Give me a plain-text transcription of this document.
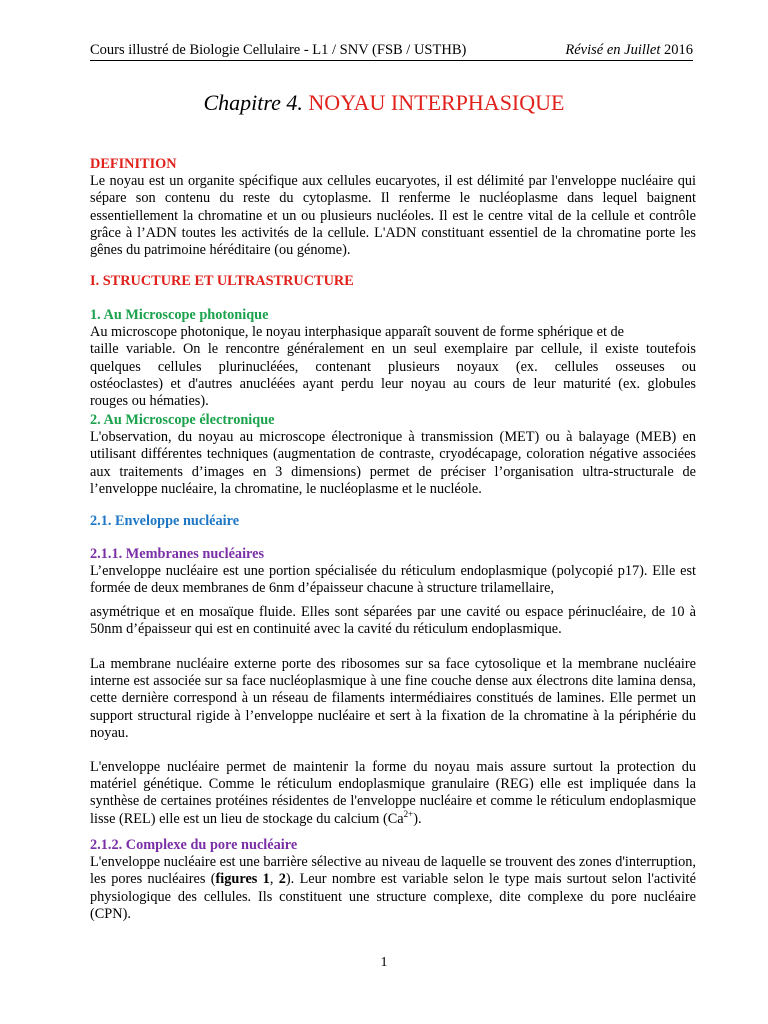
Cours illustré de Biologie Cellulaire - L1 / SNV (FSB / USTHB)	Révisé en Juillet 2016
Chapitre 4. NOYAU INTERPHASIQUE
DEFINITION
Le noyau est un organite spécifique aux cellules eucaryotes, il est délimité par l'enveloppe nucléaire qui sépare son contenu du reste du cytoplasme. Il renferme le nucléoplasme dans lequel baignent essentiellement la chromatine et un ou plusieurs nucléoles. Il est le centre vital de la cellule et contrôle grâce à l’ADN toutes les activités de la cellule. L'ADN constituant essentiel de la chromatine porte les gênes du patrimoine héréditaire (ou génome).
I. STRUCTURE ET ULTRASTRUCTURE
1. Au Microscope photonique
Au microscope photonique, le noyau interphasique apparaît souvent de forme sphérique et de
taille variable. On le rencontre généralement en un seul exemplaire par cellule, il existe toutefois
quelques cellules plurinucléées, contenant plusieurs noyaux (ex. cellules osseuses ou
ostéoclastes) et d'autres anucléées ayant perdu leur noyau au cours de leur maturité (ex. globules
rouges ou hématies).
2. Au Microscope électronique
L'observation, du noyau au microscope électronique à transmission (MET) ou à balayage (MEB) en utilisant différentes techniques (augmentation de contraste, cryodécapage, coloration négative associées aux traitements d’images en 3 dimensions) permet de préciser l’organisation ultra-structurale de l’enveloppe nucléaire, la chromatine, le nucléoplasme et le nucléole.
2.1. Enveloppe nucléaire
2.1.1. Membranes nucléaires
L’enveloppe nucléaire est une portion spécialisée du réticulum endoplasmique (polycopié p17). Elle est formée de deux membranes de 6nm d’épaisseur chacune à structure trilamellaire,
asymétrique et en mosaïque fluide. Elles sont séparées par une cavité ou espace périnucléaire, de 10 à 50nm d’épaisseur qui est en continuité avec la cavité du réticulum endoplasmique.
La membrane nucléaire externe porte des ribosomes sur sa face cytosolique et la membrane nucléaire interne est associée sur sa face nucléoplasmique à une fine couche dense aux électrons dite lamina densa, cette dernière correspond à un réseau de filaments intermédiaires constitués de lamines. Elle permet un support structural rigide à l’enveloppe nucléaire et sert à la fixation de la chromatine à la périphérie du noyau.
L'enveloppe nucléaire permet de maintenir la forme du noyau mais assure surtout la protection du matériel génétique. Comme le réticulum endoplasmique granulaire (REG) elle est impliquée dans la synthèse de certaines protéines résidentes de l'enveloppe nucléaire et comme le réticulum endoplasmique lisse (REL) elle est un lieu de stockage du calcium $(Ca^{2+})$.
2.1.2. Complexe du pore nucléaire
L'enveloppe nucléaire est une barrière sélective au niveau de laquelle se trouvent des zones d'interruption, les pores nucléaires (figures 1, 2). Leur nombre est variable selon le type mais surtout selon l'activité physiologique des cellules. Ils constituent une structure complexe, dite complexe du pore nucléaire (CPN).
1
